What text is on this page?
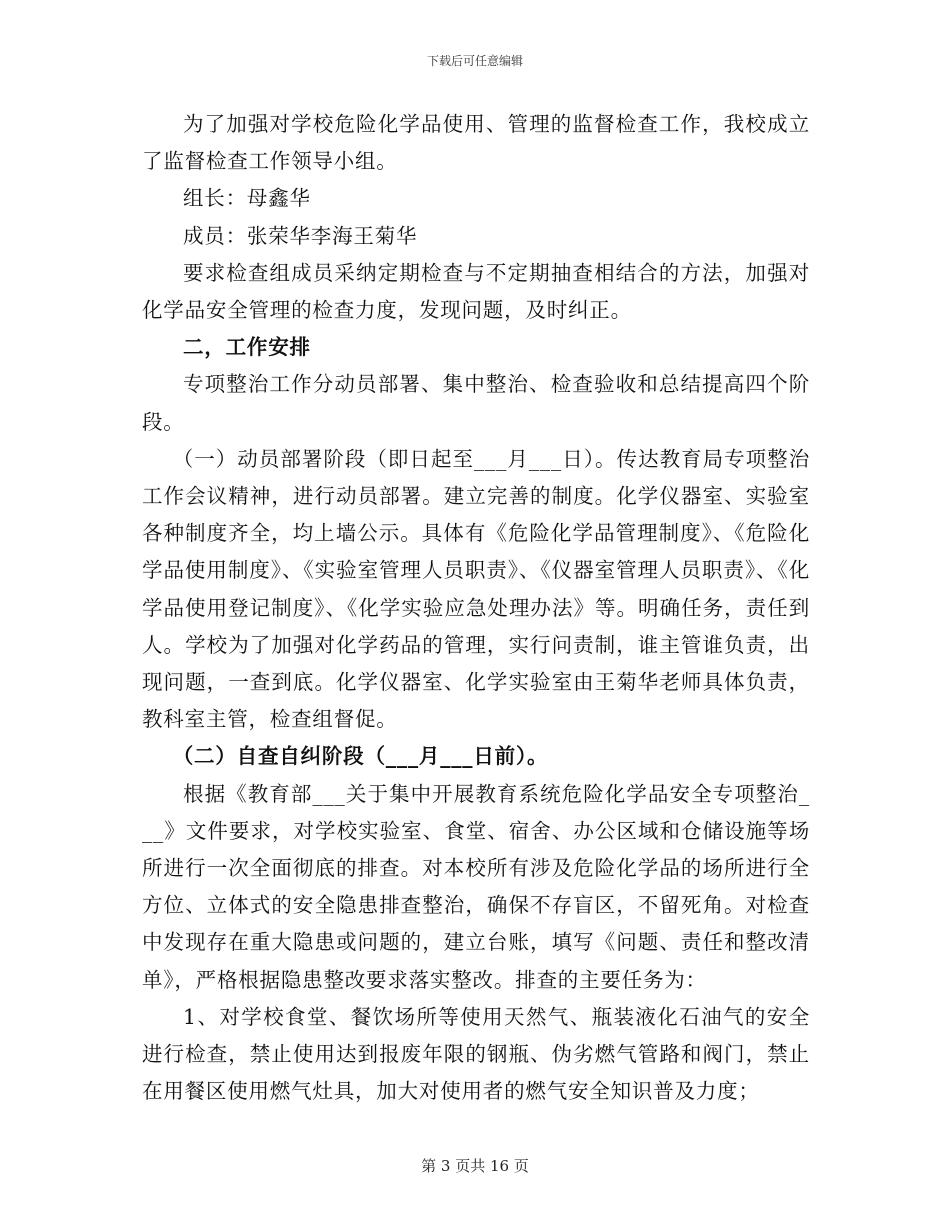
下载后可任意编辑

为了加强对学校危险化学品使用、管理的监督检查工作，我校成立了监督检查工作领导小组。

组长：母鑫华

成员：张荣华李海王菊华

要求检查组成员采纳定期检查与不定期抽查相结合的方法，加强对化学品安全管理的检查力度，发现问题，及时纠正。

二，工作安排

专项整治工作分动员部署、集中整治、检查验收和总结提高四个阶段。

（一）动员部署阶段（即日起至___月___日）。传达教育局专项整治工作会议精神，进行动员部署。建立完善的制度。化学仪器室、实验室各种制度齐全，均上墙公示。具体有《危险化学品管理制度》、《危险化学品使用制度》、《实验室管理人员职责》、《仪器室管理人员职责》、《化学品使用登记制度》、《化学实验应急处理办法》等。明确任务，责任到人。学校为了加强对化学药品的管理，实行问责制，谁主管谁负责，出现问题，一查到底。化学仪器室、化学实验室由王菊华老师具体负责，教科室主管，检查组督促。

（二）自查自纠阶段（___月___日前）。

根据《教育部___关于集中开展教育系统危险化学品安全专项整治___》文件要求，对学校实验室、食堂、宿舍、办公区域和仓储设施等场所进行一次全面彻底的排查。对本校所有涉及危险化学品的场所进行全方位、立体式的安全隐患排查整治，确保不存盲区，不留死角。对检查中发现存在重大隐患或问题的，建立台账，填写《问题、责任和整改清单》，严格根据隐患整改要求落实整改。排查的主要任务为：

1、对学校食堂、餐饮场所等使用天然气、瓶装液化石油气的安全进行检查，禁止使用达到报废年限的钢瓶、伪劣燃气管路和阀门，禁止在用餐区使用燃气灶具，加大对使用者的燃气安全知识普及力度；

第 3 页共 16 页
